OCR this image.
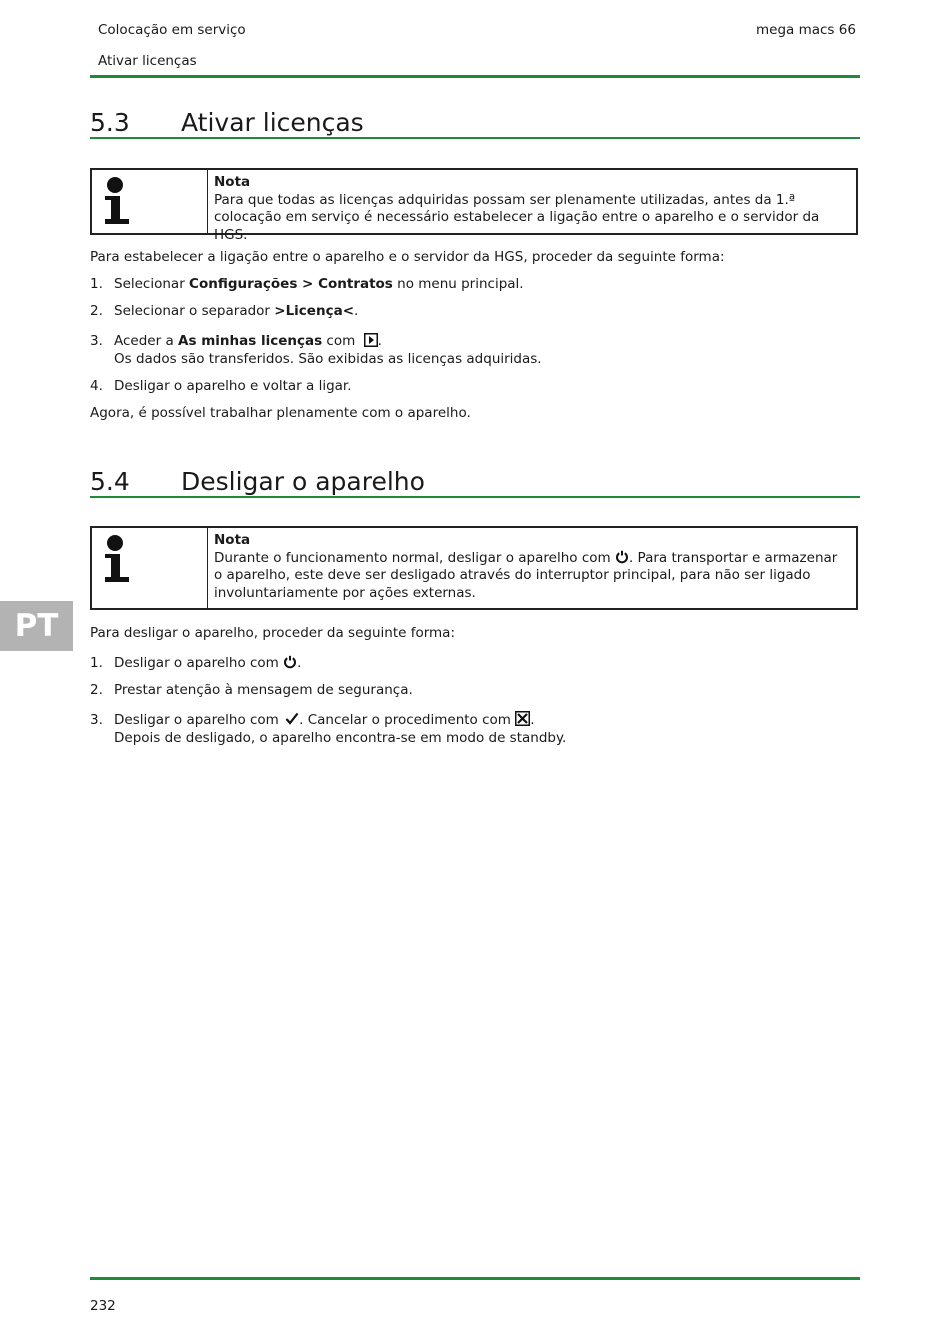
Colocação em serviço	mega macs 66
Ativar licenças
5.3 Ativar licenças
Nota
Para que todas as licenças adquiridas possam ser plenamente utilizadas, antes da 1.ª colocação em serviço é necessário estabelecer a ligação entre o aparelho e o servidor da HGS.
Para estabelecer a ligação entre o aparelho e o servidor da HGS, proceder da seguinte forma:
1. Selecionar Configurações > Contratos no menu principal.
2. Selecionar o separador >Licença<.
3. Aceder a As minhas licenças com .
Os dados são transferidos. São exibidas as licenças adquiridas.
4. Desligar o aparelho e voltar a ligar.
Agora, é possível trabalhar plenamente com o aparelho.
5.4 Desligar o aparelho
Nota
Durante o funcionamento normal, desligar o aparelho com . Para transportar e armazenar o aparelho, este deve ser desligado através do interruptor principal, para não ser ligado involuntariamente por ações externas.
Para desligar o aparelho, proceder da seguinte forma:
1. Desligar o aparelho com .
2. Prestar atenção à mensagem de segurança.
3. Desligar o aparelho com . Cancelar o procedimento com .
Depois de desligado, o aparelho encontra-se em modo de standby.
PT
232
